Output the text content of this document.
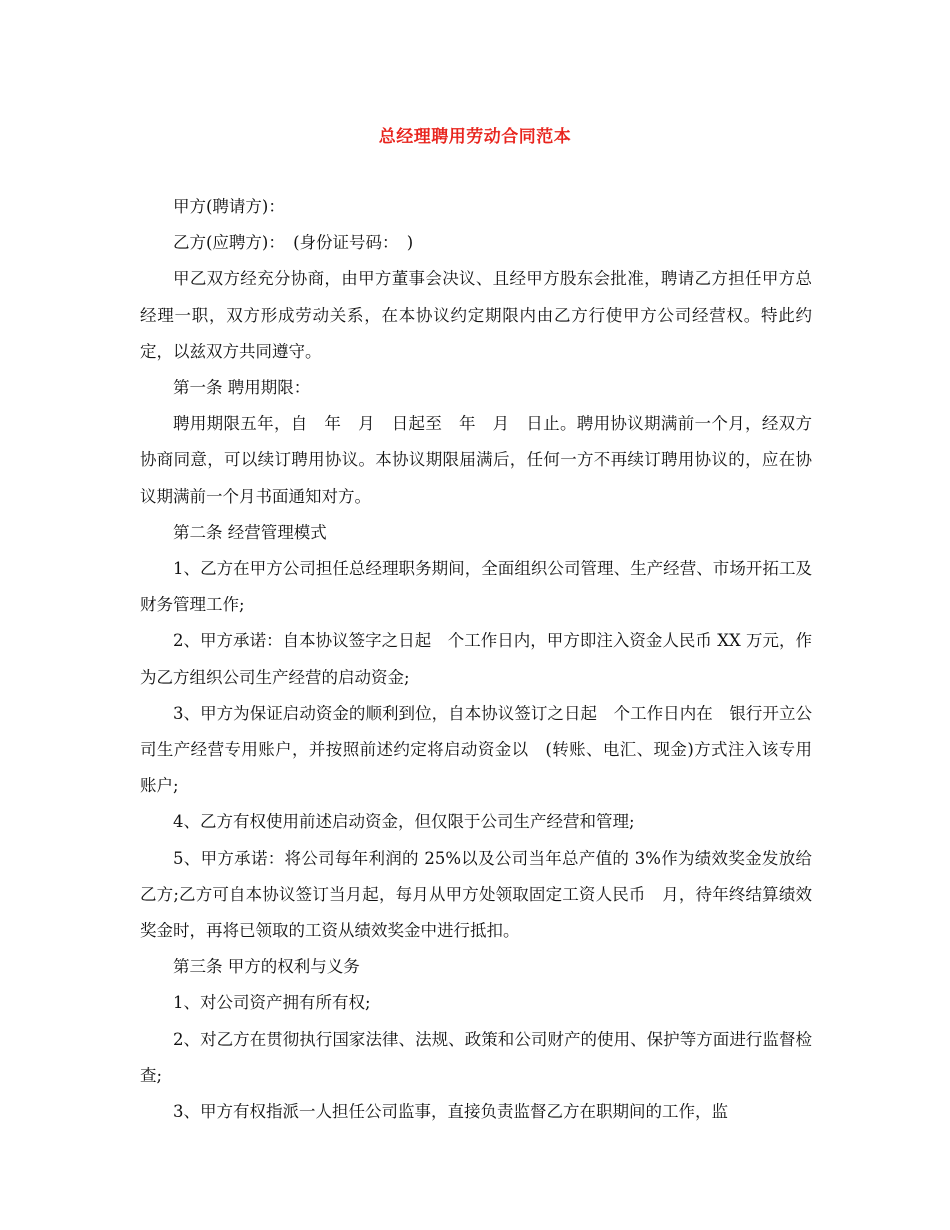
总经理聘用劳动合同范本

甲方(聘请方)：

乙方(应聘方)：　(身份证号码：　)

甲乙双方经充分协商，由甲方董事会决议、且经甲方股东会批准，聘请乙方担任甲方总经理一职，双方形成劳动关系，在本协议约定期限内由乙方行使甲方公司经营权。特此约定，以兹双方共同遵守。

第一条 聘用期限：

聘用期限五年，自　年　月　日起至　年　月　日止。聘用协议期满前一个月，经双方协商同意，可以续订聘用协议。本协议期限届满后，任何一方不再续订聘用协议的，应在协议期满前一个月书面通知对方。

第二条 经营管理模式

1、乙方在甲方公司担任总经理职务期间，全面组织公司管理、生产经营、市场开拓工及财务管理工作;

2、甲方承诺：自本协议签字之日起　个工作日内，甲方即注入资金人民币 XX 万元，作为乙方组织公司生产经营的启动资金;

3、甲方为保证启动资金的顺利到位，自本协议签订之日起　个工作日内在　银行开立公司生产经营专用账户，并按照前述约定将启动资金以　(转账、电汇、现金)方式注入该专用账户;

4、乙方有权使用前述启动资金，但仅限于公司生产经营和管理;

5、甲方承诺：将公司每年利润的 25%以及公司当年总产值的 3%作为绩效奖金发放给乙方;乙方可自本协议签订当月起，每月从甲方处领取固定工资人民币　月，待年终结算绩效奖金时，再将已领取的工资从绩效奖金中进行抵扣。

第三条 甲方的权利与义务

1、对公司资产拥有所有权;

2、对乙方在贯彻执行国家法律、法规、政策和公司财产的使用、保护等方面进行监督检查;

3、甲方有权指派一人担任公司监事，直接负责监督乙方在职期间的工作，监
